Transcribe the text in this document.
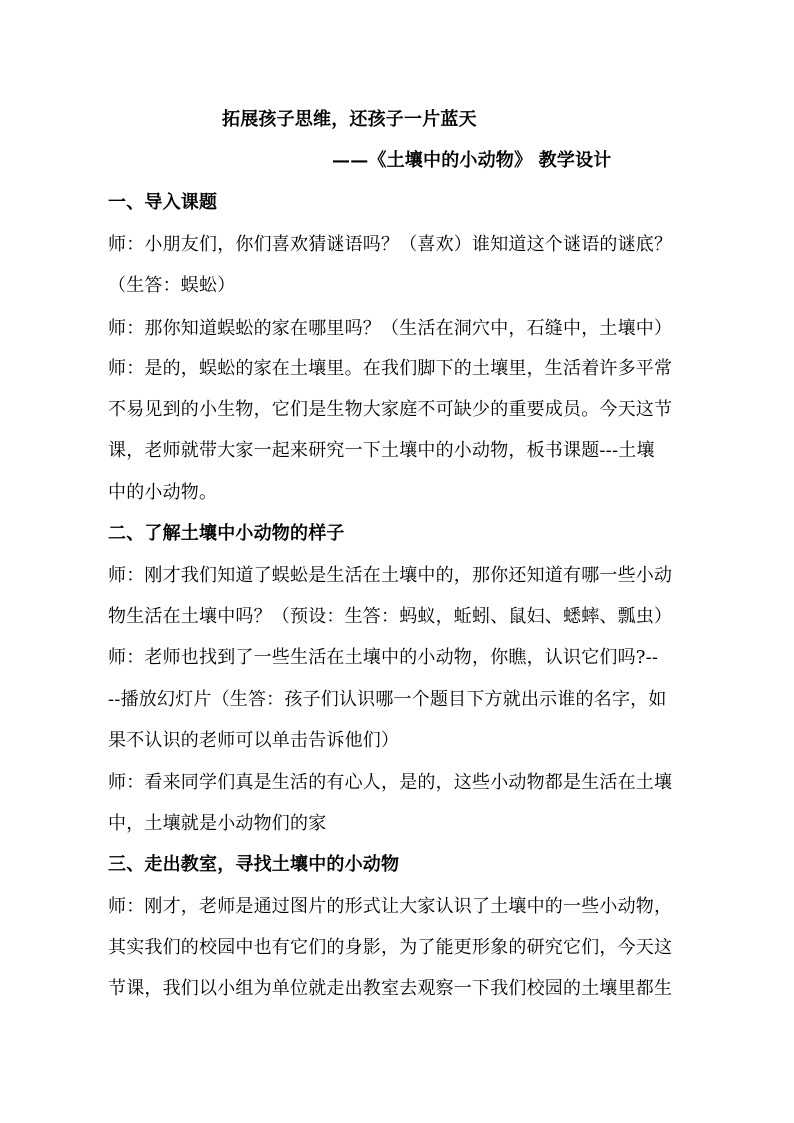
拓展孩子思维，还孩子一片蓝天
——《土壤中的小动物》 教学设计
一、导入课题
师：小朋友们，你们喜欢猜谜语吗？（喜欢）谁知道这个谜语的谜底？
（生答：蜈蚣）
师：那你知道蜈蚣的家在哪里吗？（生活在洞穴中，石缝中，土壤中）
师：是的，蜈蚣的家在土壤里。在我们脚下的土壤里，生活着许多平常
不易见到的小生物，它们是生物大家庭不可缺少的重要成员。今天这节
课，老师就带大家一起来研究一下土壤中的小动物，板书课题---土壤
中的小动物。
二、了解土壤中小动物的样子
师：刚才我们知道了蜈蚣是生活在土壤中的，那你还知道有哪一些小动
物生活在土壤中吗？（预设：生答：蚂蚁，蚯蚓、鼠妇、蟋蟀、瓢虫）
师：老师也找到了一些生活在土壤中的小动物，你瞧，认识它们吗?--
--播放幻灯片（生答：孩子们认识哪一个题目下方就出示谁的名字，如
果不认识的老师可以单击告诉他们）
师：看来同学们真是生活的有心人，是的，这些小动物都是生活在土壤
中，土壤就是小动物们的家
三、走出教室，寻找土壤中的小动物
师：刚才，老师是通过图片的形式让大家认识了土壤中的一些小动物，
其实我们的校园中也有它们的身影，为了能更形象的研究它们，今天这
节课，我们以小组为单位就走出教室去观察一下我们校园的土壤里都生
